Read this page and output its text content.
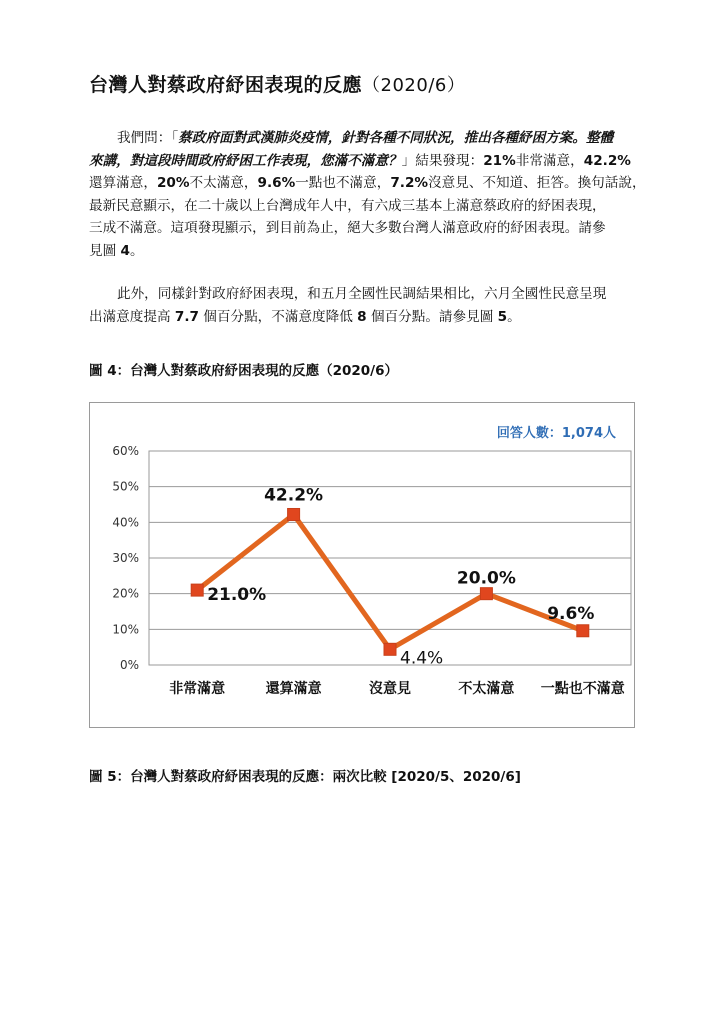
台灣人對蔡政府紓困表現的反應（2020/6）
我們問：「蔡政府面對武漢肺炎疫情，針對各種不同狀況，推出各種紓困方案。整體
來講，對這段時間政府紓困工作表現，您滿不滿意？」結果發現：21%非常滿意，42.2%
還算滿意，20%不太滿意，9.6%一點也不滿意，7.2%沒意見、不知道、拒答。換句話說，
最新民意顯示，在二十歲以上台灣成年人中，有六成三基本上滿意蔡政府的紓困表現，
三成不滿意。這項發現顯示，到目前為止，絕大多數台灣人滿意政府的紓困表現。請參
見圖 4。
此外，同樣針對政府紓困表現，和五月全國性民調結果相比，六月全國性民意呈現
出滿意度提高 7.7 個百分點，不滿意度降低 8 個百分點。請參見圖 5。
圖 4：台灣人對蔡政府紓困表現的反應（2020/6）
回答人數：1,074人
0%
10%
20%
30%
40%
50%
60%
非常滿意	還算滿意	沒意見	不太滿意 一點也不滿意
21.0%
42.2%
4.4%
20.0%
9.6%
圖 5：台灣人對蔡政府紓困表現的反應：兩次比較 [2020/5、2020/6]
